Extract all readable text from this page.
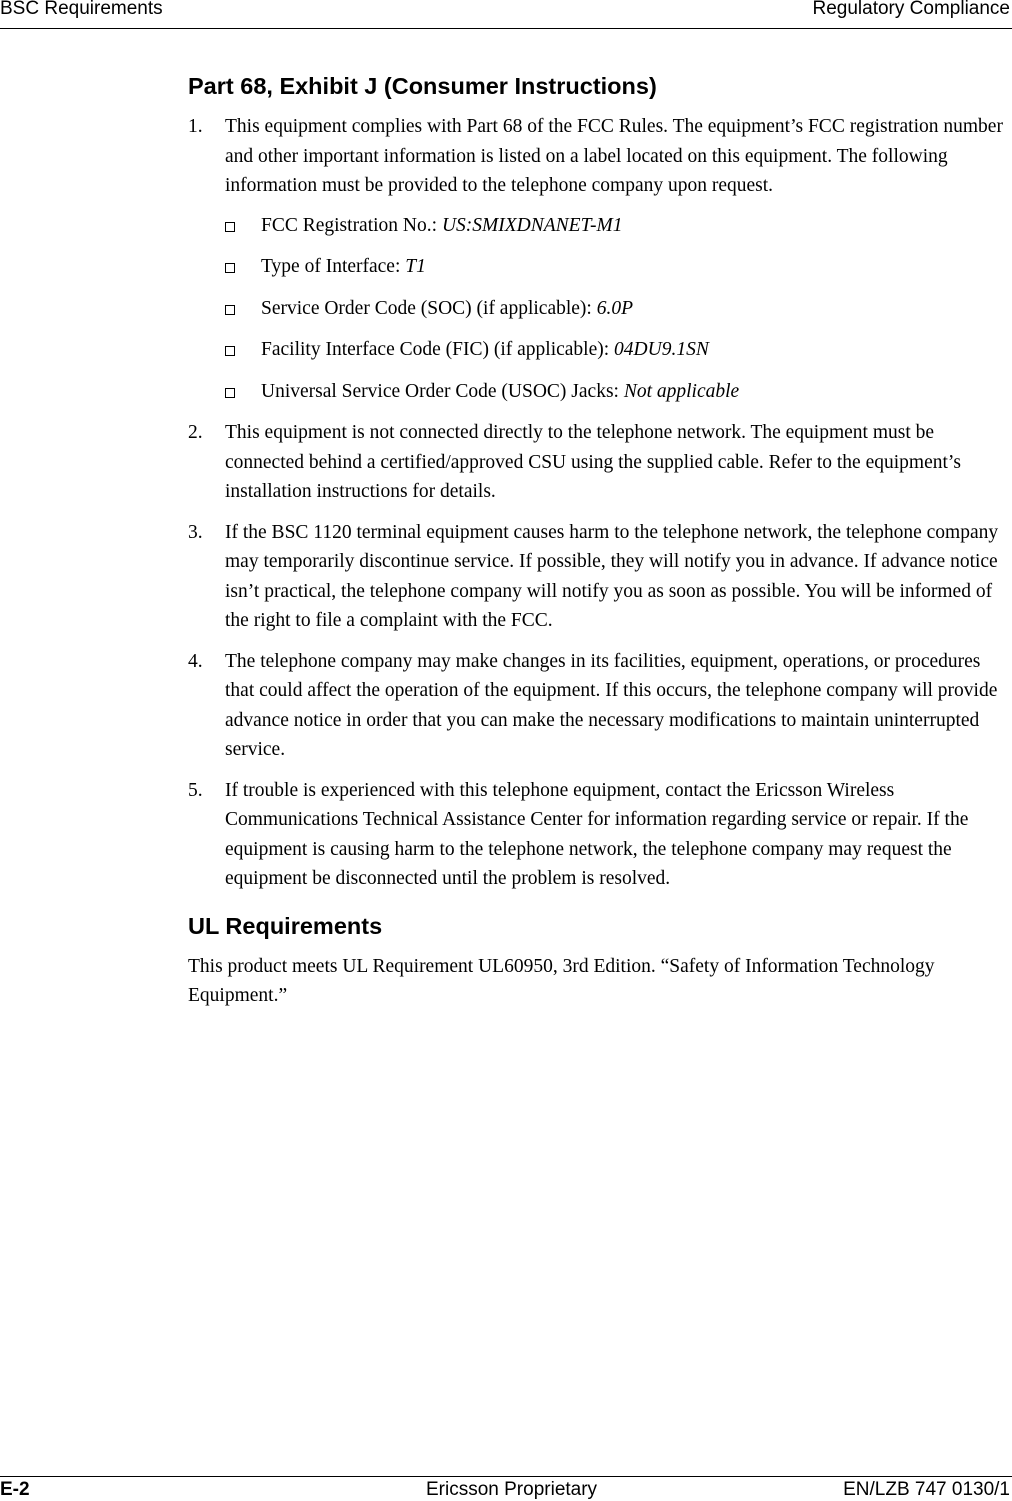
BSC Requirements	Regulatory Compliance
Part 68, Exhibit J (Consumer Instructions)
1. This equipment complies with Part 68 of the FCC Rules. The equipment’s FCC registration number and other important information is listed on a label located on this equipment. The following information must be provided to the telephone company upon request.
FCC Registration No.: US:SMIXDNANET-M1
Type of Interface: T1
Service Order Code (SOC) (if applicable): 6.0P
Facility Interface Code (FIC) (if applicable): 04DU9.1SN
Universal Service Order Code (USOC) Jacks: Not applicable
2. This equipment is not connected directly to the telephone network. The equipment must be connected behind a certified/approved CSU using the supplied cable. Refer to the equipment’s installation instructions for details.
3. If the BSC 1120 terminal equipment causes harm to the telephone network, the telephone company may temporarily discontinue service. If possible, they will notify you in advance. If advance notice isn’t practical, the telephone company will notify you as soon as possible. You will be informed of the right to file a complaint with the FCC.
4. The telephone company may make changes in its facilities, equipment, operations, or procedures that could affect the operation of the equipment. If this occurs, the telephone company will provide advance notice in order that you can make the necessary modifications to maintain uninterrupted service.
5. If trouble is experienced with this telephone equipment, contact the Ericsson Wireless Communications Technical Assistance Center for information regarding service or repair. If the equipment is causing harm to the telephone network, the telephone company may request the equipment be disconnected until the problem is resolved.
UL Requirements

This product meets UL Requirement UL60950, 3rd Edition. “Safety of Information Technology Equipment.”

E-2	Ericsson Proprietary	EN/LZB 747 0130/1
